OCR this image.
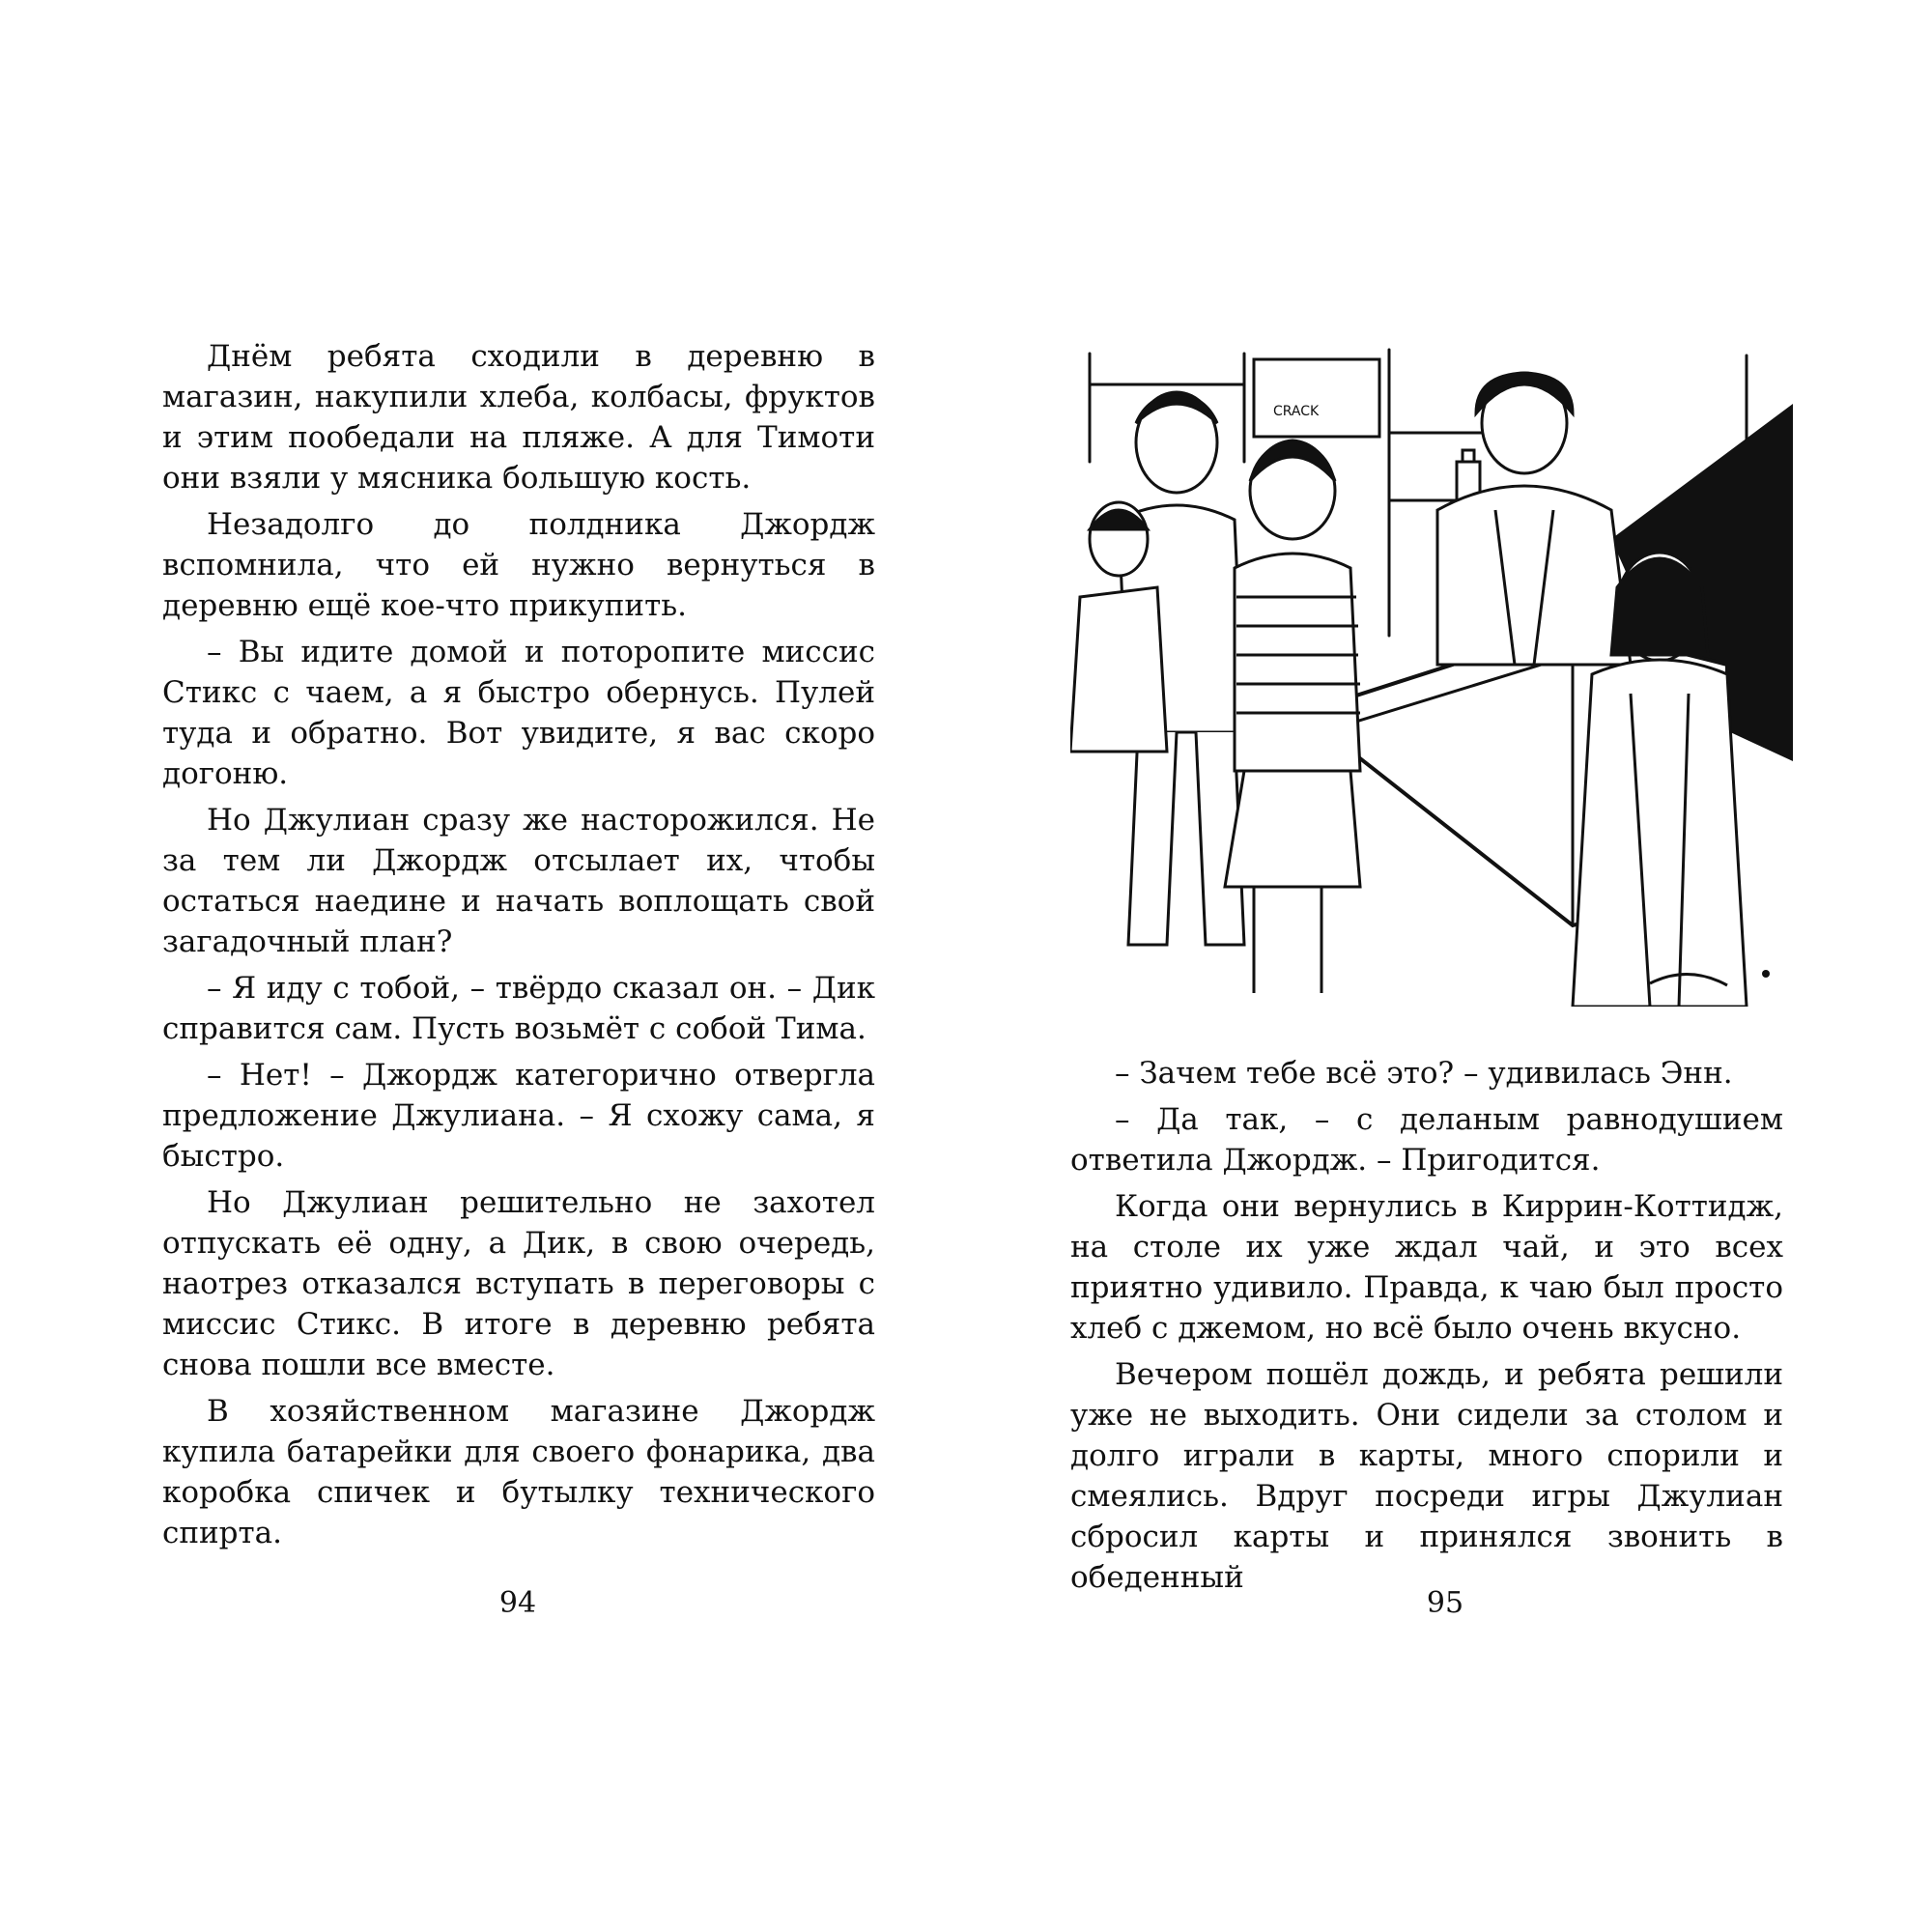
Днём ребята сходили в деревню в магазин, накупили хлеба, колбасы, фруктов и этим пообедали на пляже. А для Тимоти они взяли у мясника большую кость.

Незадолго до полдника Джордж вспомнила, что ей нужно вернуться в деревню ещё кое-что прикупить.

– Вы идите домой и поторопите миссис Стикс с чаем, а я быстро обернусь. Пулей туда и обратно. Вот увидите, я вас скоро догоню.

Но Джулиан сразу же насторожился. Не за тем ли Джордж отсылает их, чтобы остаться наедине и начать воплощать свой загадочный план?

– Я иду с тобой, – твёрдо сказал он. – Дик справится сам. Пусть возьмёт с собой Тима.

– Нет! – Джордж категорично отвергла предложение Джулиана. – Я схожу сама, я быстро.

Но Джулиан решительно не захотел отпускать её одну, а Дик, в свою очередь, наотрез отказался вступать в переговоры с миссис Стикс. В итоге в деревню ребята снова пошли все вместе.

В хозяйственном магазине Джордж купила батарейки для своего фонарика, два коробка спичек и бутылку технического спирта.

94
CRACK

– Зачем тебе всё это? – удивилась Энн.

– Да так, – с деланым равнодушием ответила Джордж. – Пригодится.

Когда они вернулись в Киррин-Коттидж, на столе их уже ждал чай, и это всех приятно удивило. Правда, к чаю был просто хлеб с джемом, но всё было очень вкусно.

Вечером пошёл дождь, и ребята решили уже не выходить. Они сидели за столом и долго играли в карты, много спорили и смеялись. Вдруг посреди игры Джулиан сбросил карты и принялся звонить в обеденный

95
